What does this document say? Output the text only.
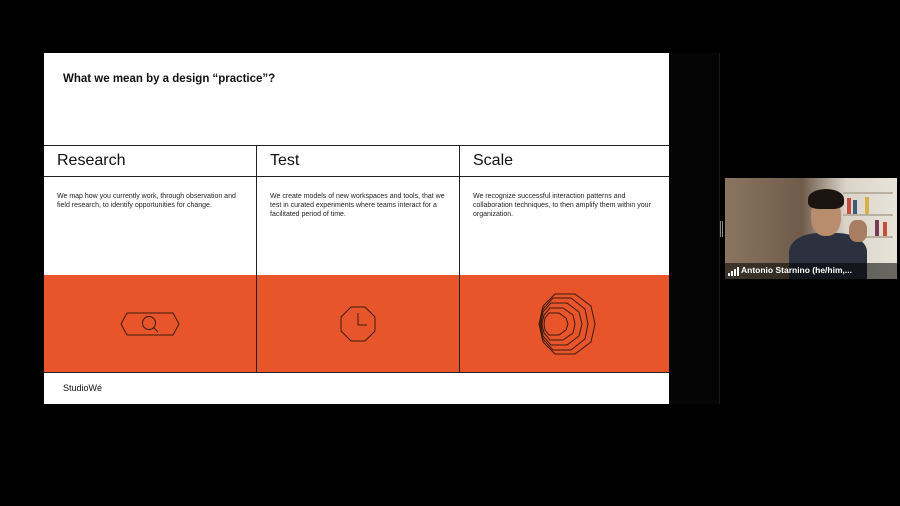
What we mean by a design “practice”?
Research
We map how you currently work, through observation and field research, to identify opportunities for change.
Test
We create models of new workspaces and tools, that we test in curated experiments where teams interact for a facilitated period of time.
Scale
We recognize successful interaction patterns and collaboration techniques, to then amplify them within your organization.
StudioWé
Antonio Starnino (he/him,...
